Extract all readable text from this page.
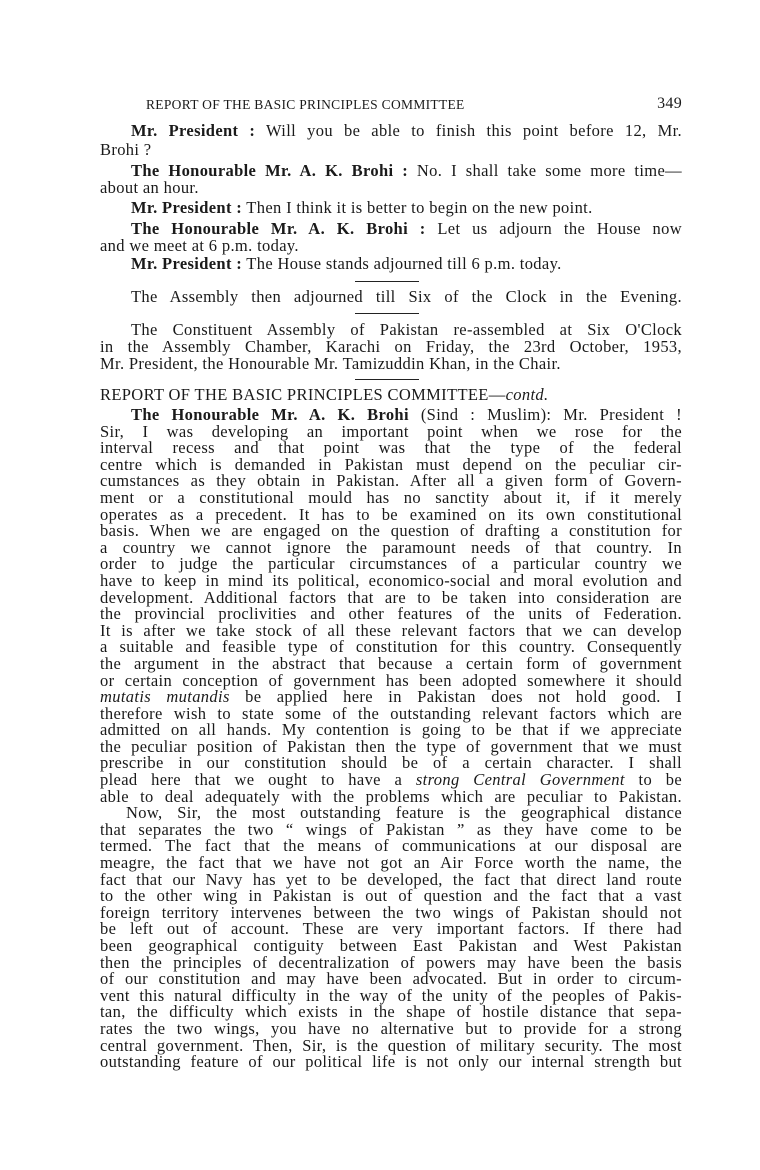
REPORT OF THE BASIC PRINCIPLES COMMITTEE	349
Mr. President : Will you be able to finish this point before 12, Mr.
Brohi ?
The Honourable Mr. A. K. Brohi : No. I shall take some more time—
about an hour.
Mr. President : Then I think it is better to begin on the new point.
The Honourable Mr. A. K. Brohi : Let us adjourn the House now
and we meet at 6 p.m. today.
Mr. President : The House stands adjourned till 6 p.m. today.
The Assembly then adjourned till Six of the Clock in the Evening.
The Constituent Assembly of Pakistan re-assembled at Six O'Clock
in the Assembly Chamber, Karachi on Friday, the 23rd October, 1953,
Mr. President, the Honourable Mr. Tamizuddin Khan, in the Chair.
REPORT OF THE BASIC PRINCIPLES COMMITTEE—contd.
The Honourable Mr. A. K. Brohi (Sind : Muslim): Mr. President !
Sir, I was developing an important point when we rose for the
interval recess and that point was that the type of the federal
centre which is demanded in Pakistan must depend on the peculiar cir-
cumstances as they obtain in Pakistan. After all a given form of Govern-
ment or a constitutional mould has no sanctity about it, if it merely
operates as a precedent. It has to be examined on its own constitutional
basis. When we are engaged on the question of drafting a constitution for
a country we cannot ignore the paramount needs of that country. In
order to judge the particular circumstances of a particular country we
have to keep in mind its political, economico-social and moral evolution and
development. Additional factors that are to be taken into consideration are
the provincial proclivities and other features of the units of Federation.
It is after we take stock of all these relevant factors that we can develop
a suitable and feasible type of constitution for this country. Consequently
the argument in the abstract that because a certain form of government
or certain conception of government has been adopted somewhere it should
mutatis mutandis be applied here in Pakistan does not hold good. I
therefore wish to state some of the outstanding relevant factors which are
admitted on all hands. My contention is going to be that if we appreciate
the peculiar position of Pakistan then the type of government that we must
prescribe in our constitution should be of a certain character. I shall
plead here that we ought to have a strong Central Government to be
able to deal adequately with the problems which are peculiar to Pakistan.
Now, Sir, the most outstanding feature is the geographical distance
that separates the two “ wings of Pakistan ” as they have come to be
termed. The fact that the means of communications at our disposal are
meagre, the fact that we have not got an Air Force worth the name, the
fact that our Navy has yet to be developed, the fact that direct land route
to the other wing in Pakistan is out of question and the fact that a vast
foreign territory intervenes between the two wings of Pakistan should not
be left out of account. These are very important factors. If there had
been geographical contiguity between East Pakistan and West Pakistan
then the principles of decentralization of powers may have been the basis
of our constitution and may have been advocated. But in order to circum-
vent this natural difficulty in the way of the unity of the peoples of Pakis-
tan, the difficulty which exists in the shape of hostile distance that sepa-
rates the two wings, you have no alternative but to provide for a strong
central government. Then, Sir, is the question of military security. The most
outstanding feature of our political life is not only our internal strength but
